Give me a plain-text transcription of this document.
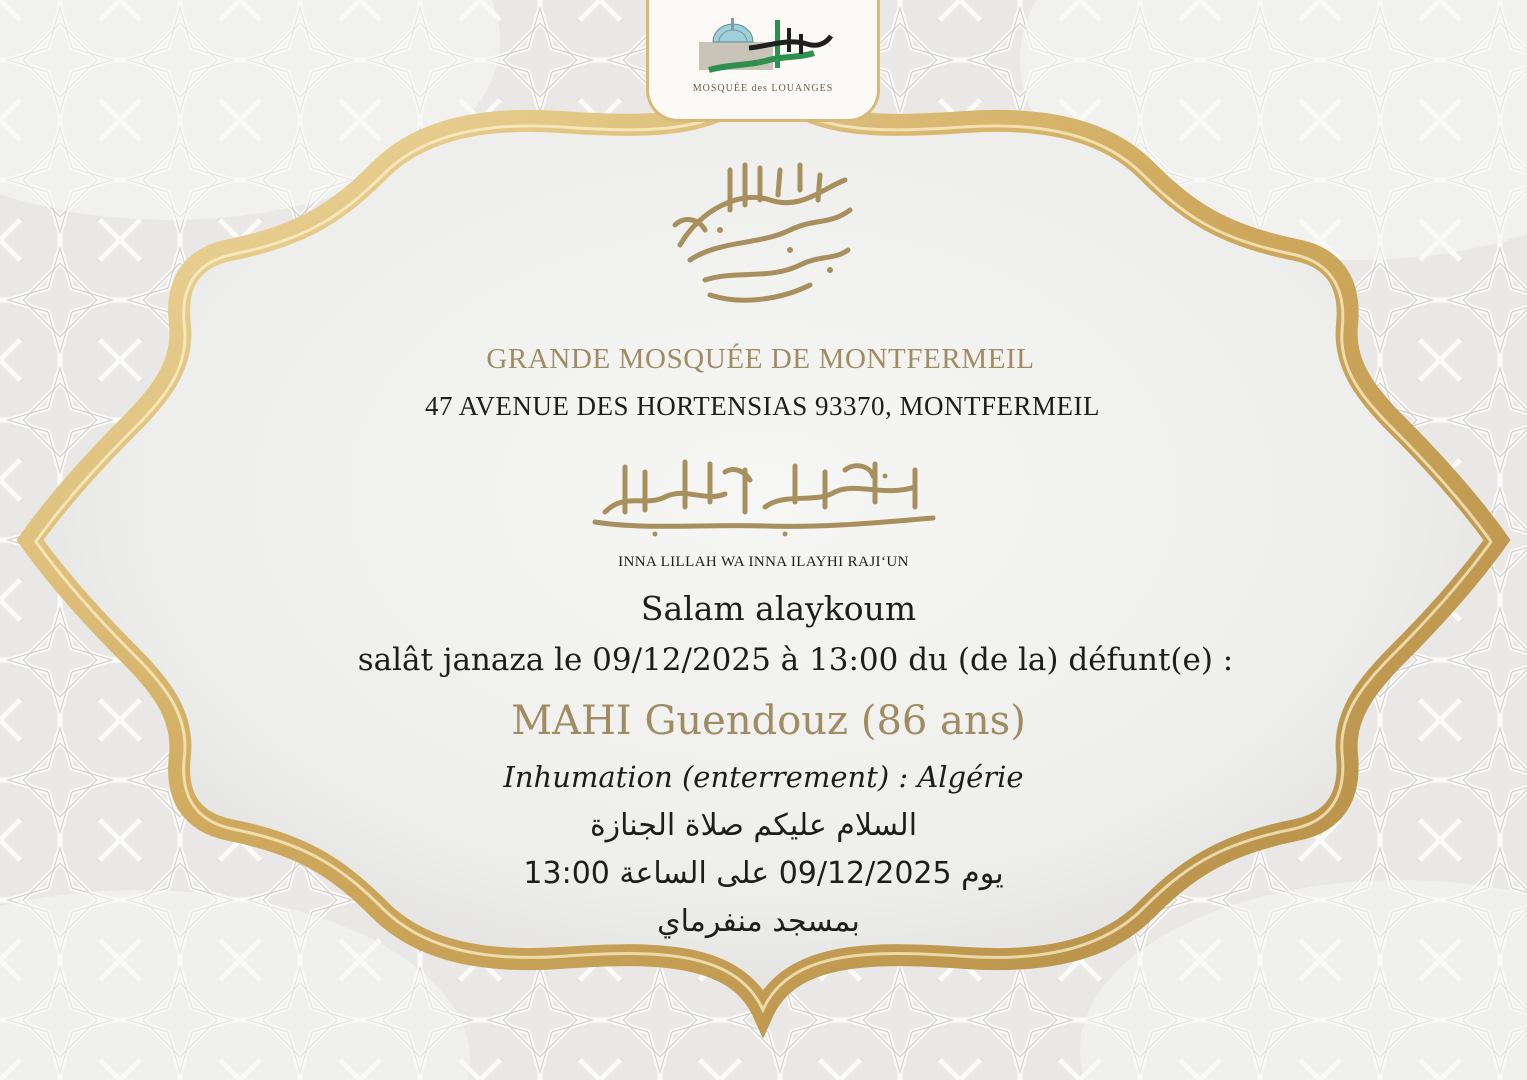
MOSQUÉE des LOUANGES
GRANDE MOSQUÉE DE MONTFERMEIL
47 AVENUE DES HORTENSIAS 93370, MONTFERMEIL
INNA LILLAH WA INNA ILAYHI RAJI‘UN
Salam alaykoum
salât janaza le 09/12/2025 à 13:00 du (de la) défunt(e) :
MAHI Guendouz (86 ans)
Inhumation (enterrement) : Algérie
السلام عليكم صلاة الجنازة
يوم 09/12/2025 على الساعة 13:00
بمسجد منفرماي
